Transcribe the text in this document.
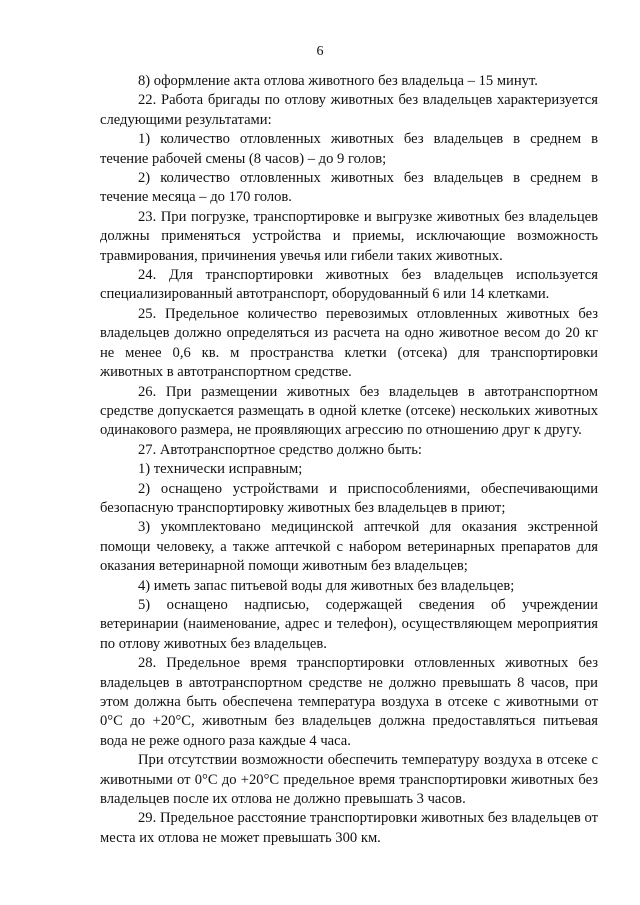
6

8) оформление акта отлова животного без владельца – 15 минут.

22. Работа бригады по отлову животных без владельцев характеризуется следующими результатами:

1) количество отловленных животных без владельцев в среднем в течение рабочей смены (8 часов) – до 9 голов;

2) количество отловленных животных без владельцев в среднем в течение месяца – до 170 голов.

23. При погрузке, транспортировке и выгрузке животных без владельцев должны применяться устройства и приемы, исключающие возможность травмирования, причинения увечья или гибели таких животных.

24. Для транспортировки животных без владельцев используется специализированный автотранспорт, оборудованный 6 или 14 клетками.

25. Предельное количество перевозимых отловленных животных без владельцев должно определяться из расчета на одно животное весом до 20 кг не менее 0,6 кв. м пространства клетки (отсека) для транспортировки животных в автотранспортном средстве.

26. При размещении животных без владельцев в автотранспортном средстве допускается размещать в одной клетке (отсеке) нескольких животных одинакового размера, не проявляющих агрессию по отношению друг к другу.

27. Автотранспортное средство должно быть:

1) технически исправным;

2) оснащено устройствами и приспособлениями, обеспечивающими безопасную транспортировку животных без владельцев в приют;

3) укомплектовано медицинской аптечкой для оказания экстренной помощи человеку, а также аптечкой с набором ветеринарных препаратов для оказания ветеринарной помощи животным без владельцев;

4) иметь запас питьевой воды для животных без владельцев;

5) оснащено надписью, содержащей сведения об учреждении ветеринарии (наименование, адрес и телефон), осуществляющем мероприятия по отлову животных без владельцев.

28. Предельное время транспортировки отловленных животных без владельцев в автотранспортном средстве не должно превышать 8 часов, при этом должна быть обеспечена температура воздуха в отсеке с животными от 0°C до +20°C, животным без владельцев должна предоставляться питьевая вода не реже одного раза каждые 4 часа.

При отсутствии возможности обеспечить температуру воздуха в отсеке с животными от 0°C до +20°C предельное время транспортировки животных без владельцев после их отлова не должно превышать 3 часов.

29. Предельное расстояние транспортировки животных без владельцев от места их отлова не может превышать 300 км.
